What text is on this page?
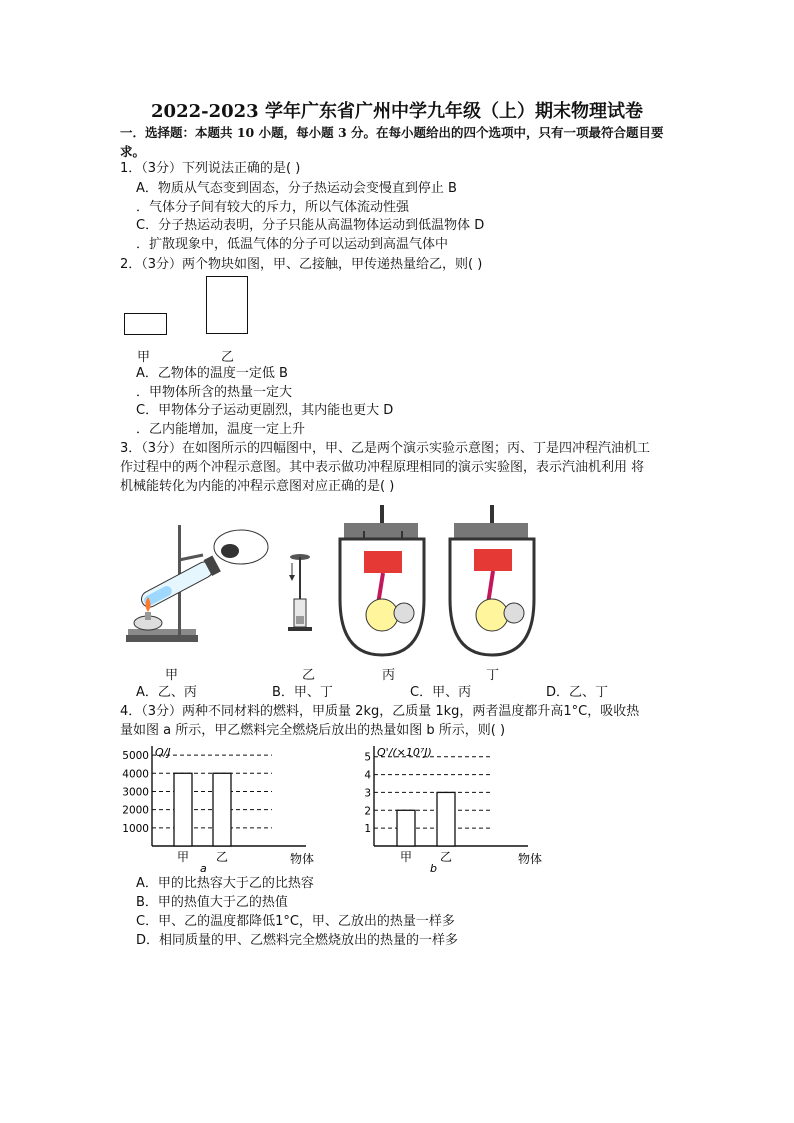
2022-2023 学年广东省广州中学九年级（上）期末物理试卷
一．选择题：本题共 10 小题，每小题 3 分。在每小题给出的四个选项中，只有一项最符合题目要求。
1．（3分）下列说法正确的是( )
A．物质从气态变到固态，分子热运动会变慢直到停止 B
．气体分子间有较大的斥力，所以气体流动性强
C．分子热运动表明，分子只能从高温物体运动到低温物体 D
．扩散现象中，低温气体的分子可以运动到高温气体中
2．（3分）两个物块如图，甲、乙接触，甲传递热量给乙，则( )
甲	乙
A．乙物体的温度一定低 B
．甲物体所含的热量一定大
C．甲物体分子运动更剧烈，其内能也更大 D
．乙内能增加，温度一定上升
3．（3分）在如图所示的四幅图中，甲、乙是两个演示实验示意图；丙、丁是四冲程汽油机工
作过程中的两个冲程示意图。其中表示做功冲程原理相同的演示实验图，表示汽油机利用 将
机械能转化为内能的冲程示意图对应正确的是( )
甲	乙	丙	丁
A．乙、丙	B．甲、丁	C．甲、丙	D．乙、丁
4．（3分）两种不同材料的燃料，甲质量 2kg，乙质量 1kg，两者温度都升高1°C，吸收热
量如图 a 所示，甲乙燃料完全燃烧后放出的热量如图 b 所示，则( )
Q/J
物体
a
1000
2000
3000
4000
5000
甲 乙
Q'/(×10⁷J)
物体
b
1
2
3
4
5
甲 乙
A．甲的比热容大于乙的比热容
B．甲的热值大于乙的热值
C．甲、乙的温度都降低1°C，甲、乙放出的热量一样多
D．相同质量的甲、乙燃料完全燃烧放出的热量的一样多
